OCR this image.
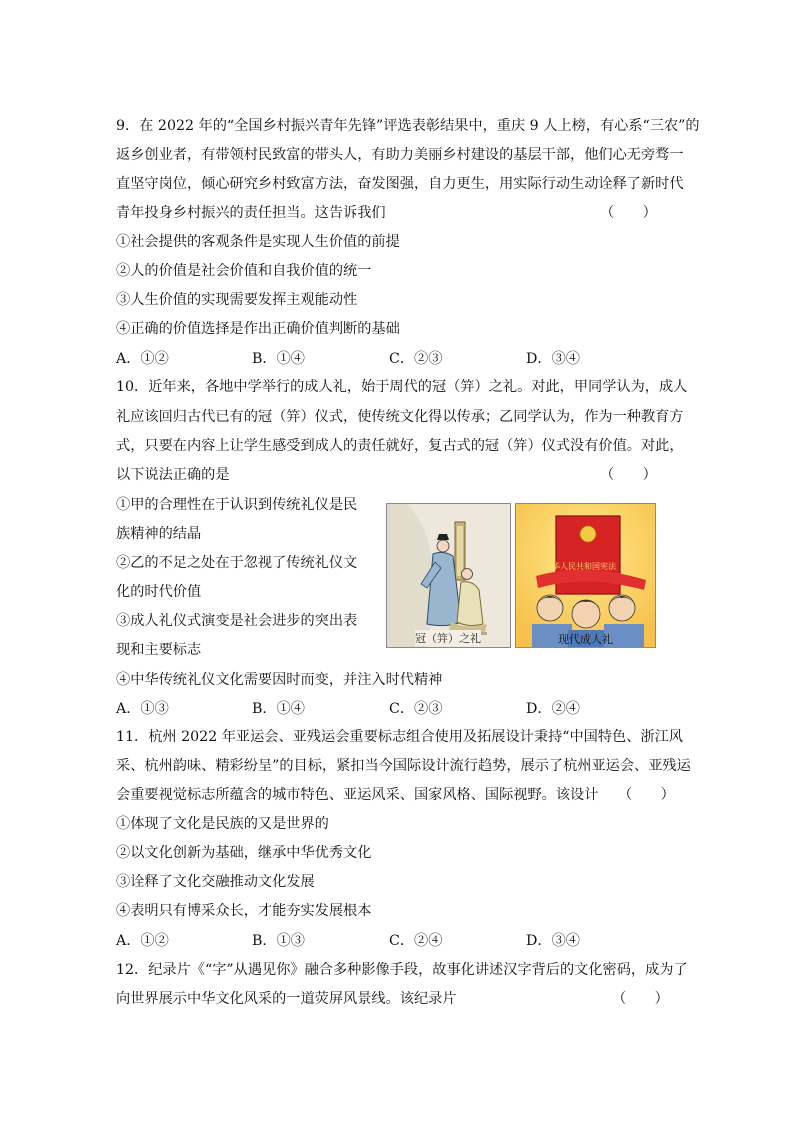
9．在 2022 年的“全国乡村振兴青年先锋”评选表彰结果中，重庆 9 人上榜，有心系“三农”的
返乡创业者，有带领村民致富的带头人，有助力美丽乡村建设的基层干部，他们心无旁骛一
直坚守岗位，倾心研究乡村致富方法，奋发图强，自力更生，用实际行动生动诠释了新时代
青年投身乡村振兴的责任担当。这告诉我们	（　　）
①社会提供的客观条件是实现人生价值的前提
②人的价值是社会价值和自我价值的统一
③人生价值的实现需要发挥主观能动性
④正确的价值选择是作出正确价值判断的基础
A．①②	B．①④	C．②③	D．③④
10．近年来，各地中学举行的成人礼，始于周代的冠（笄）之礼。对此，甲同学认为，成人
礼应该回归古代已有的冠（笄）仪式，使传统文化得以传承；乙同学认为，作为一种教育方
式，只要在内容上让学生感受到成人的责任就好，复古式的冠（笄）仪式没有价值。对此，
以下说法正确的是	（　　）
①甲的合理性在于认识到传统礼仪是民
族精神的结晶
②乙的不足之处在于忽视了传统礼仪文
化的时代价值
③成人礼仪式演变是社会进步的突出表
现和主要标志
④中华传统礼仪文化需要因时而变，并注入时代精神
冠（笄）之礼
中华人民共和国宪法
现代成人礼
A．①③	B．①④	C．②③	D．②④
11．杭州 2022 年亚运会、亚残运会重要标志组合使用及拓展设计秉持“中国特色、浙江风
采、杭州韵味、精彩纷呈”的目标，紧扣当今国际设计流行趋势，展示了杭州亚运会、亚残运
会重要视觉标志所蕴含的城市特色、亚运风采、国家风格、国际视野。该设计 （　　）
①体现了文化是民族的又是世界的
②以文化创新为基础，继承中华优秀文化
③诠释了文化交融推动文化发展
④表明只有博采众长，才能夯实发展根本
A．①②	B．①③	C．②④	D．③④
12．纪录片《“字”从遇见你》融合多种影像手段，故事化讲述汉字背后的文化密码，成为了
向世界展示中华文化风采的一道荧屏风景线。该纪录片	（　　）
